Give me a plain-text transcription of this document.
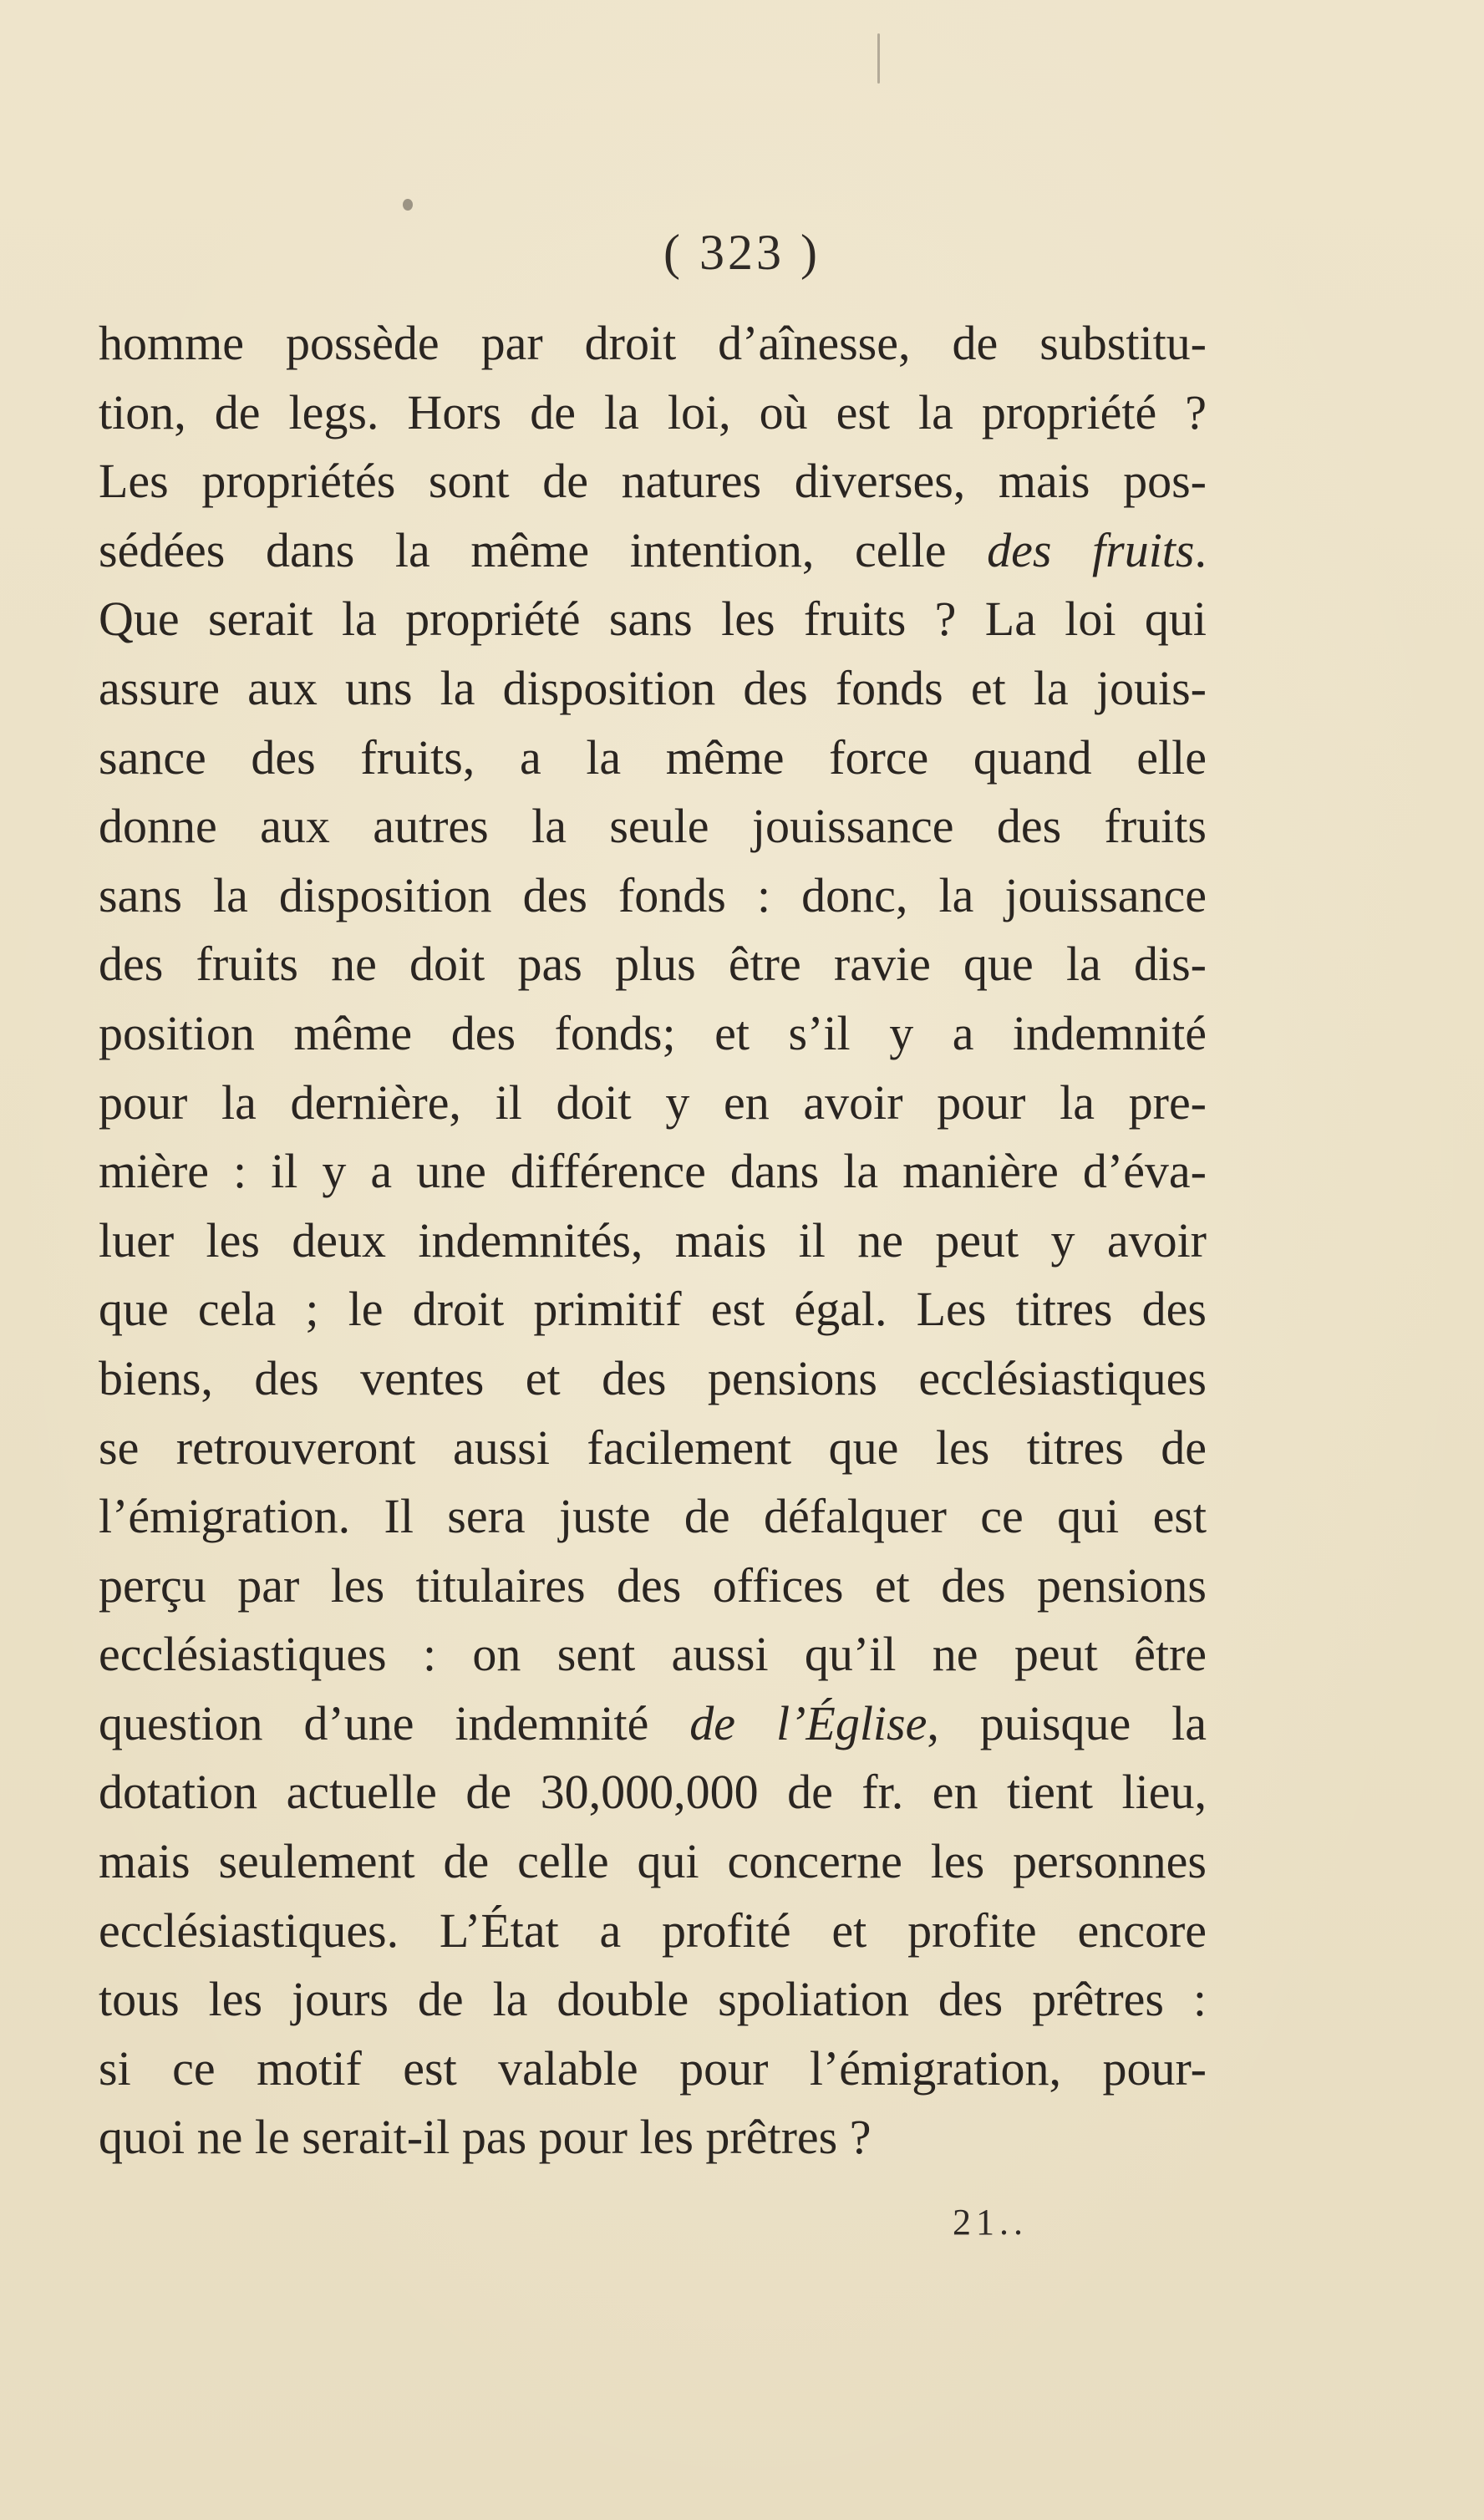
( 323 )
homme possède par droit d’aînesse, de substitu-
tion, de legs. Hors de la loi, où est la propriété ?
Les propriétés sont de natures diverses, mais pos-
sédées dans la même intention, celle des fruits.
Que serait la propriété sans les fruits ? La loi qui
assure aux uns la disposition des fonds et la jouis-
sance des fruits, a la même force quand elle
donne aux autres la seule jouissance des fruits
sans la disposition des fonds : donc, la jouissance
des fruits ne doit pas plus être ravie que la dis-
position même des fonds; et s’il y a indemnité
pour la dernière, il doit y en avoir pour la pre-
mière : il y a une différence dans la manière d’éva-
luer les deux indemnités, mais il ne peut y avoir
que cela ; le droit primitif est égal. Les titres des
biens, des ventes et des pensions ecclésiastiques
se retrouveront aussi facilement que les titres de
l’émigration. Il sera juste de défalquer ce qui est
perçu par les titulaires des offices et des pensions
ecclésiastiques : on sent aussi qu’il ne peut être
question d’une indemnité de l’Église, puisque la
dotation actuelle de 30,000,000 de fr. en tient lieu,
mais seulement de celle qui concerne les personnes
ecclésiastiques. L’État a profité et profite encore
tous les jours de la double spoliation des prêtres :
si ce motif est valable pour l’émigration, pour-
quoi ne le serait-il pas pour les prêtres ?
21..
